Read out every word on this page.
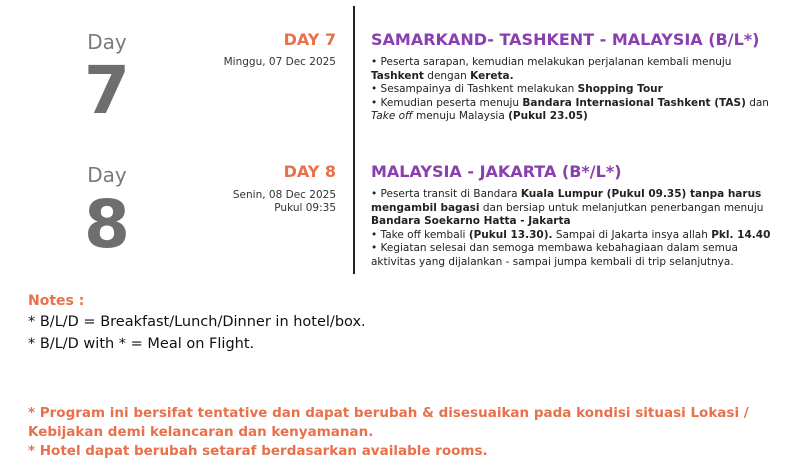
Day
7
DAY 7
Minggu, 07 Dec 2025
SAMARKAND- TASHKENT - MALAYSIA (B/L*)

• Peserta sarapan, kemudian melakukan perjalanan kembali menuju Tashkent dengan Kereta.

• Sesampainya di Tashkent melakukan Shopping Tour

• Kemudian peserta menuju Bandara Internasional Tashkent (TAS) dan Take off menuju Malaysia (Pukul 23.05)

Day
8
DAY 8
Senin, 08 Dec 2025
Pukul 09:35
MALAYSIA - JAKARTA (B*/L*)

• Peserta transit di Bandara Kuala Lumpur (Pukul 09.35) tanpa harus mengambil bagasi dan bersiap untuk melanjutkan penerbangan menuju Bandara Soekarno Hatta - Jakarta

• Take off kembali (Pukul 13.30). Sampai di Jakarta insya allah Pkl. 14.40

• Kegiatan selesai dan semoga membawa kebahagiaan dalam semua aktivitas yang dijalankan - sampai jumpa kembali di trip selanjutnya.

Notes :
* B/L/D = Breakfast/Lunch/Dinner in hotel/box.
* B/L/D with * = Meal on Flight.
* Program ini bersifat tentative dan dapat berubah & disesuaikan pada kondisi situasi Lokasi /
Kebijakan demi kelancaran dan kenyamanan.
* Hotel dapat berubah setaraf berdasarkan available rooms.
